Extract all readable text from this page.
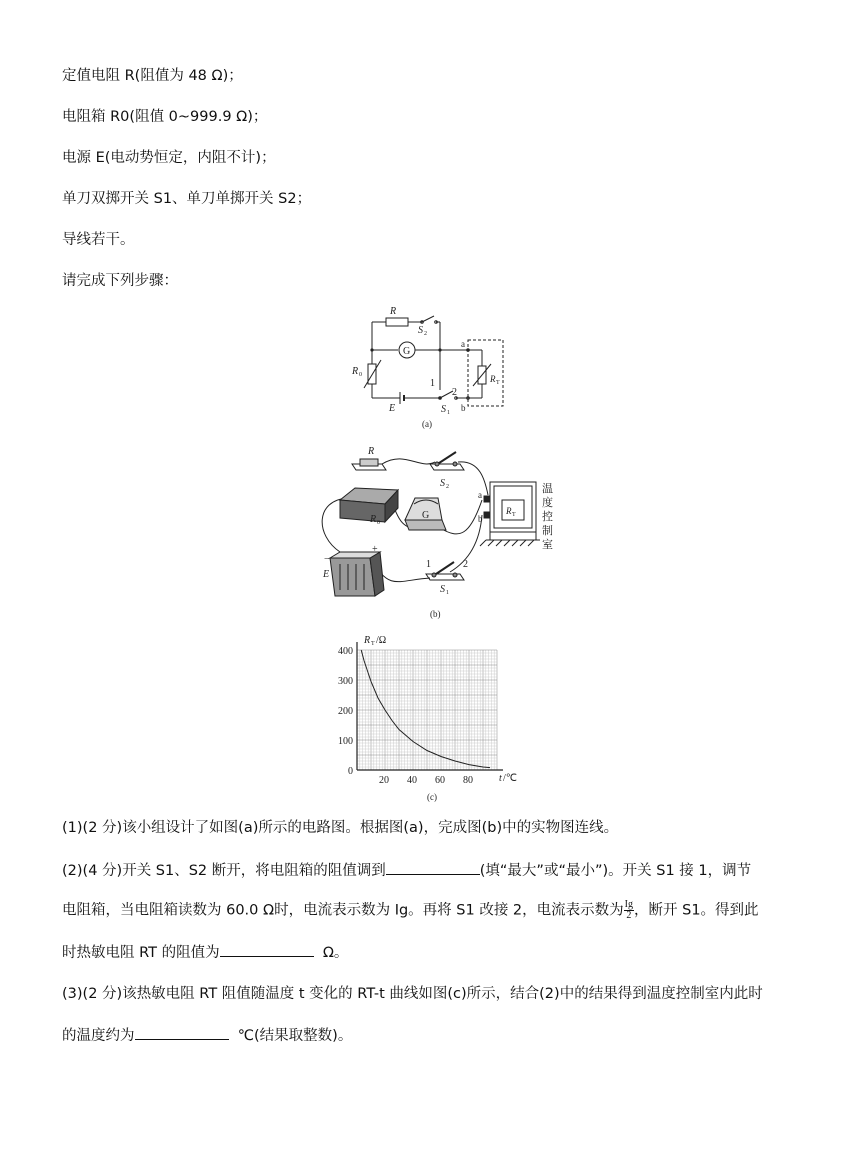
定值电阻 R(阻值为 48 Ω)；
电阻箱 R0(阻值 0~999.9 Ω)；
电源 E(电动势恒定，内阻不计)；
单刀双掷开关 S1、单刀单掷开关 S2；
导线若干。
请完成下列步骤：
R
S 2
G
R 0
E	S 1
1
2
a
b
R T
(a)
R
S 2
R 0
G
E
−
+
1	2
S 1
a
b
R T
温
度
控
制
室
(b)
20 40 60 80
0
100
200
300
400
R T /Ω
t /℃
(c)
(1)(2 分)该小组设计了如图(a)所示的电路图。根据图(a)，完成图(b)中的实物图连线。
(2)(4 分)开关 S1、S2 断开，将电阻箱的阻值调到	(填“最大”或“最小”)。开关 S1 接 1，调节
电阻箱，当电阻箱读数为 60.0 Ω时，电流表示数为 Ig。再将 S1 改接 2，电流表示数为 $\frac{Ig}{2}$ ，断开 S1。得到此
时热敏电阻 RT 的阻值为	Ω。
(3)(2 分)该热敏电阻 RT 阻值随温度 t 变化的 RT-t 曲线如图(c)所示，结合(2)中的结果得到温度控制室内此时
的温度约为	℃(结果取整数)。
